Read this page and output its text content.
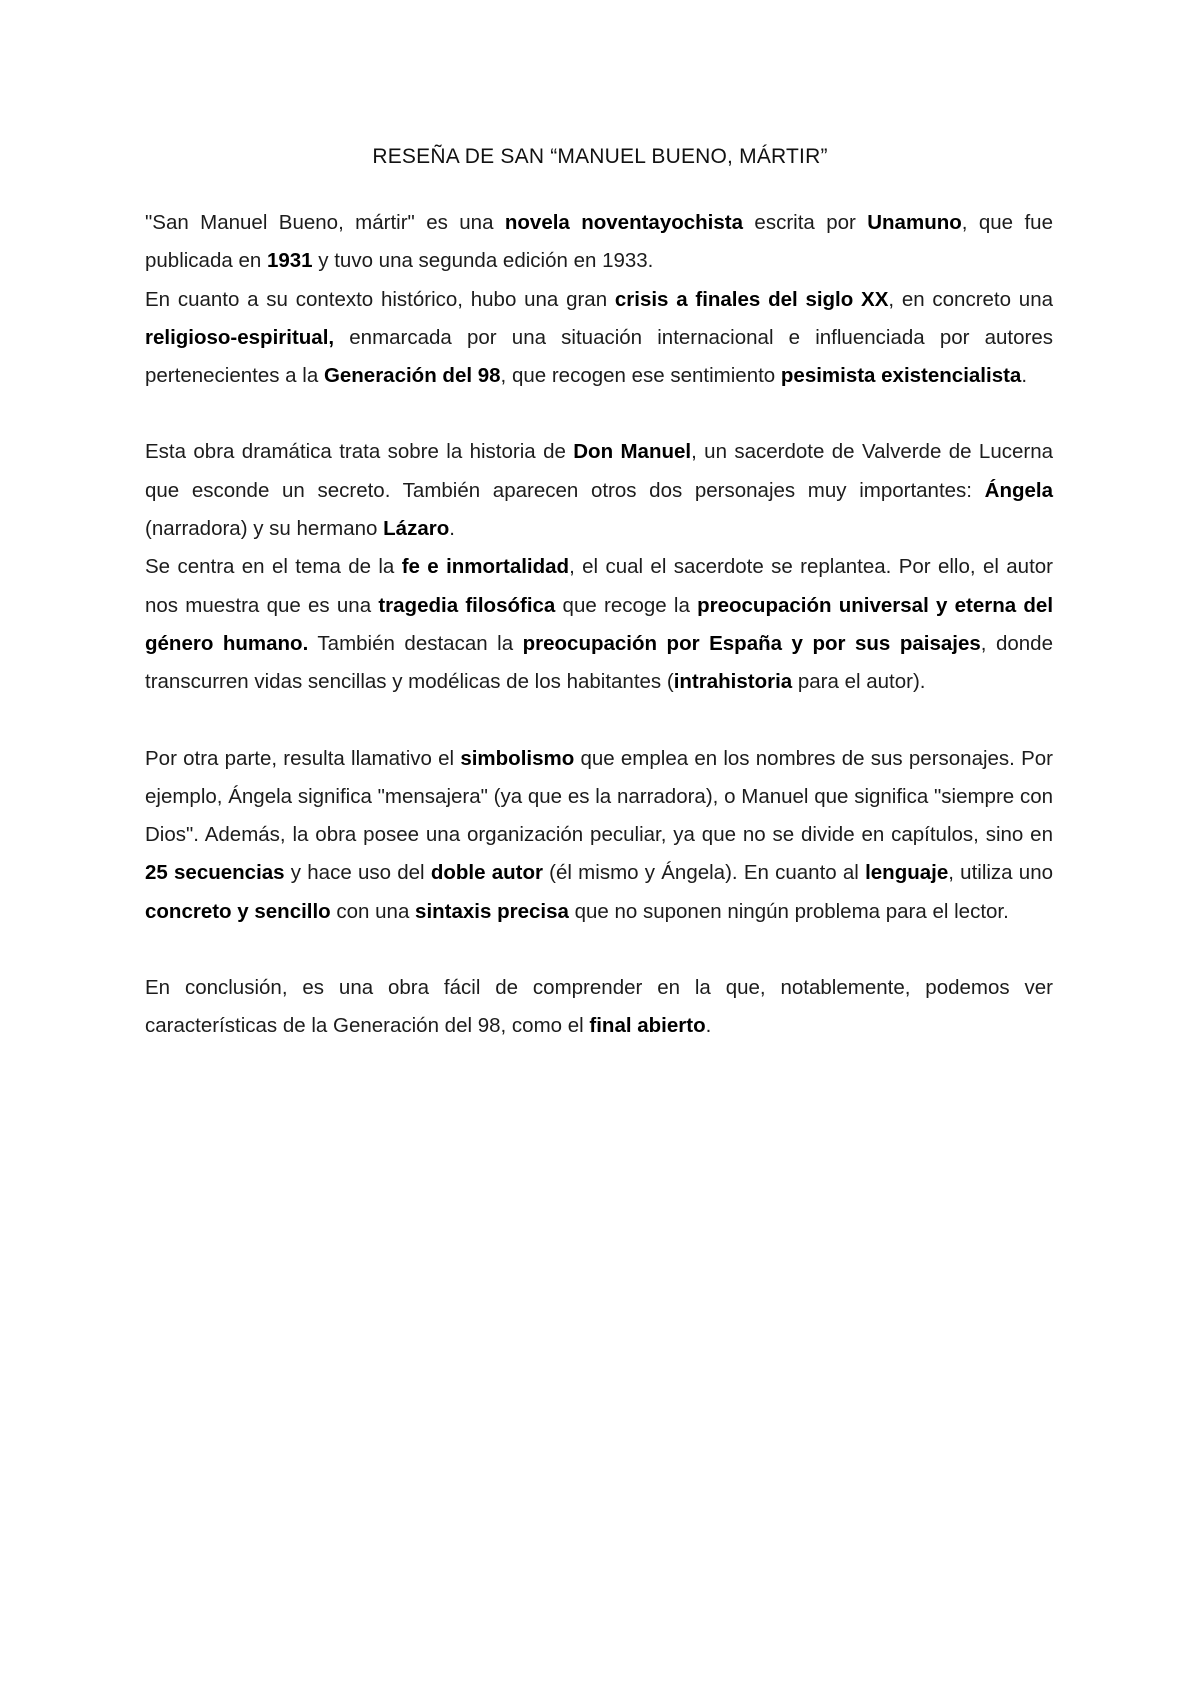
RESEÑA DE SAN “MANUEL BUENO, MÁRTIR”

"San Manuel Bueno, mártir" es una novela noventayochista escrita por Unamuno, que fue publicada en 1931 y tuvo una segunda edición en 1933.

En cuanto a su contexto histórico, hubo una gran crisis a finales del siglo XX, en concreto una religioso-espiritual, enmarcada por una situación internacional e influenciada por autores pertenecientes a la Generación del 98, que recogen ese sentimiento pesimista existencialista.

Esta obra dramática trata sobre la historia de Don Manuel, un sacerdote de Valverde de Lucerna que esconde un secreto. También aparecen otros dos personajes muy importantes: Ángela (narradora) y su hermano Lázaro.

Se centra en el tema de la fe e inmortalidad, el cual el sacerdote se replantea. Por ello, el autor nos muestra que es una tragedia filosófica que recoge la preocupación universal y eterna del género humano. También destacan la preocupación por España y por sus paisajes, donde transcurren vidas sencillas y modélicas de los habitantes (intrahistoria para el autor).

Por otra parte, resulta llamativo el simbolismo que emplea en los nombres de sus personajes. Por ejemplo, Ángela significa "mensajera" (ya que es la narradora), o Manuel que significa "siempre con Dios". Además, la obra posee una organización peculiar, ya que no se divide en capítulos, sino en 25 secuencias y hace uso del doble autor (él mismo y Ángela). En cuanto al lenguaje, utiliza uno concreto y sencillo con una sintaxis precisa que no suponen ningún problema para el lector.

En conclusión, es una obra fácil de comprender en la que, notablemente, podemos ver características de la Generación del 98, como el final abierto.
